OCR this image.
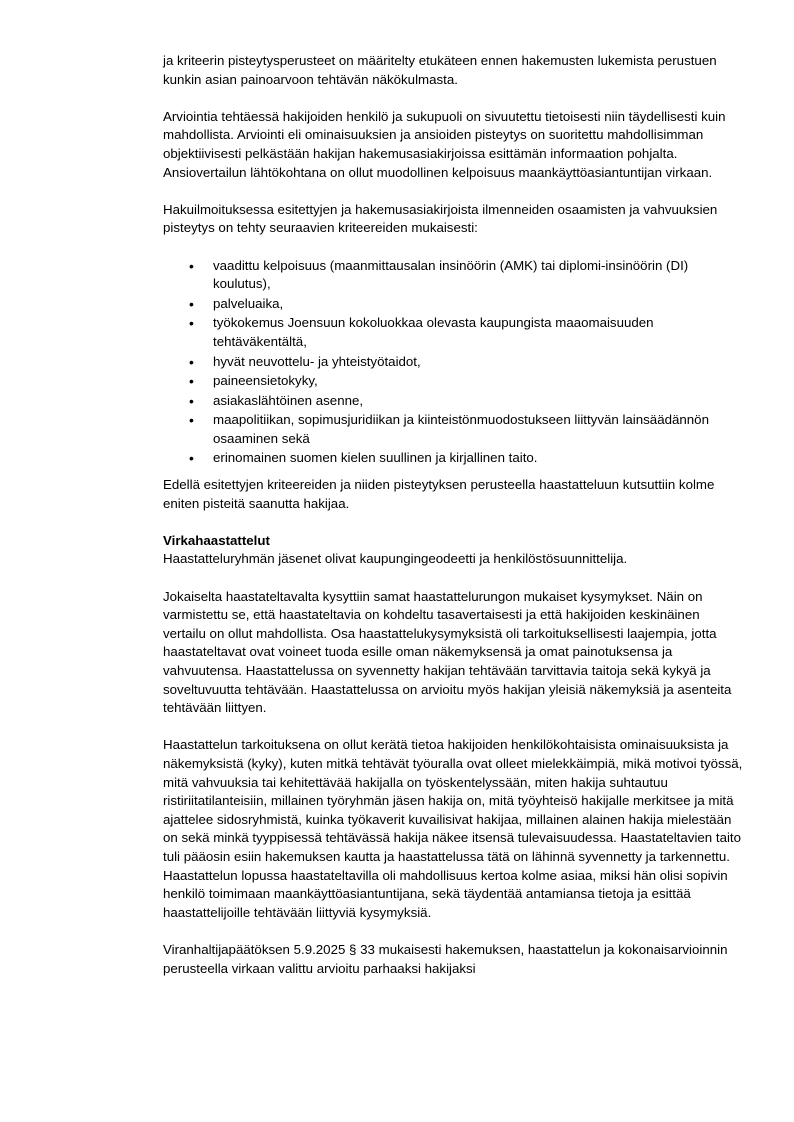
ja kriteerin pisteytysperusteet on määritelty etukäteen ennen hakemusten lukemista perustuen kunkin asian painoarvoon tehtävän näkökulmasta.

Arviointia tehtäessä hakijoiden henkilö ja sukupuoli on sivuutettu tietoisesti niin täydellisesti kuin mahdollista. Arviointi eli ominaisuuksien ja ansioiden pisteytys on suoritettu mahdollisimman objektiivisesti pelkästään hakijan hakemusasiakirjoissa esittämän informaation pohjalta. Ansiovertailun lähtökohtana on ollut muodollinen kelpoisuus maankäyttöasiantuntijan virkaan.

Hakuilmoituksessa esitettyjen ja hakemusasiakirjoista ilmenneiden osaamisten ja vahvuuksien pisteytys on tehty seuraavien kriteereiden mukaisesti:

• vaadittu kelpoisuus (maanmittausalan insinöörin (AMK) tai diplomi-insinöörin (DI) koulutus),
• palveluaika,
• työkokemus Joensuun kokoluokkaa olevasta kaupungista maaomaisuuden tehtäväkentältä,
• hyvät neuvottelu- ja yhteistyötaidot,
• paineensietokyky,
• asiakaslähtöinen asenne,
• maapolitiikan, sopimusjuridiikan ja kiinteistönmuodostukseen liittyvän lainsäädännön osaaminen sekä
• erinomainen suomen kielen suullinen ja kirjallinen taito.

Edellä esitettyjen kriteereiden ja niiden pisteytyksen perusteella haastatteluun kutsuttiin kolme eniten pisteitä saanutta hakijaa.

Virkahaastattelut

Haastatteluryhmän jäsenet olivat kaupungingeodeetti ja henkilöstösuunnittelija.

Jokaiselta haastateltavalta kysyttiin samat haastattelurungon mukaiset kysymykset. Näin on varmistettu se, että haastateltavia on kohdeltu tasavertaisesti ja että hakijoiden keskinäinen vertailu on ollut mahdollista. Osa haastattelukysymyksistä oli tarkoituksellisesti laajempia, jotta haastateltavat ovat voineet tuoda esille oman näkemyksensä ja omat painotuksensa ja vahvuutensa. Haastattelussa on syvennetty hakijan tehtävään tarvittavia taitoja sekä kykyä ja soveltuvuutta tehtävään. Haastattelussa on arvioitu myös hakijan yleisiä näkemyksiä ja asenteita tehtävään liittyen.

Haastattelun tarkoituksena on ollut kerätä tietoa hakijoiden henkilökohtaisista ominaisuuksista ja näkemyksistä (kyky), kuten mitkä tehtävät työuralla ovat olleet mielekkäimpiä, mikä motivoi työssä, mitä vahvuuksia tai kehitettävää hakijalla on työskentelyssään, miten hakija suhtautuu ristiriitatilanteisiin, millainen työryhmän jäsen hakija on, mitä työyhteisö hakijalle merkitsee ja mitä ajattelee sidosryhmistä, kuinka työkaverit kuvailisivat hakijaa, millainen alainen hakija mielestään on sekä minkä tyyppisessä tehtävässä hakija näkee itsensä tulevaisuudessa. Haastateltavien taito tuli pääosin esiin hakemuksen kautta ja haastattelussa tätä on lähinnä syvennetty ja tarkennettu. Haastattelun lopussa haastateltavilla oli mahdollisuus kertoa kolme asiaa, miksi hän olisi sopivin henkilö toimimaan maankäyttöasiantuntijana, sekä täydentää antamiansa tietoja ja esittää haastattelijoille tehtävään liittyviä kysymyksiä.

Viranhaltijapäätöksen 5.9.2025 § 33 mukaisesti hakemuksen, haastattelun ja kokonaisarvioinnin perusteella virkaan valittu arvioitu parhaaksi hakijaksi
